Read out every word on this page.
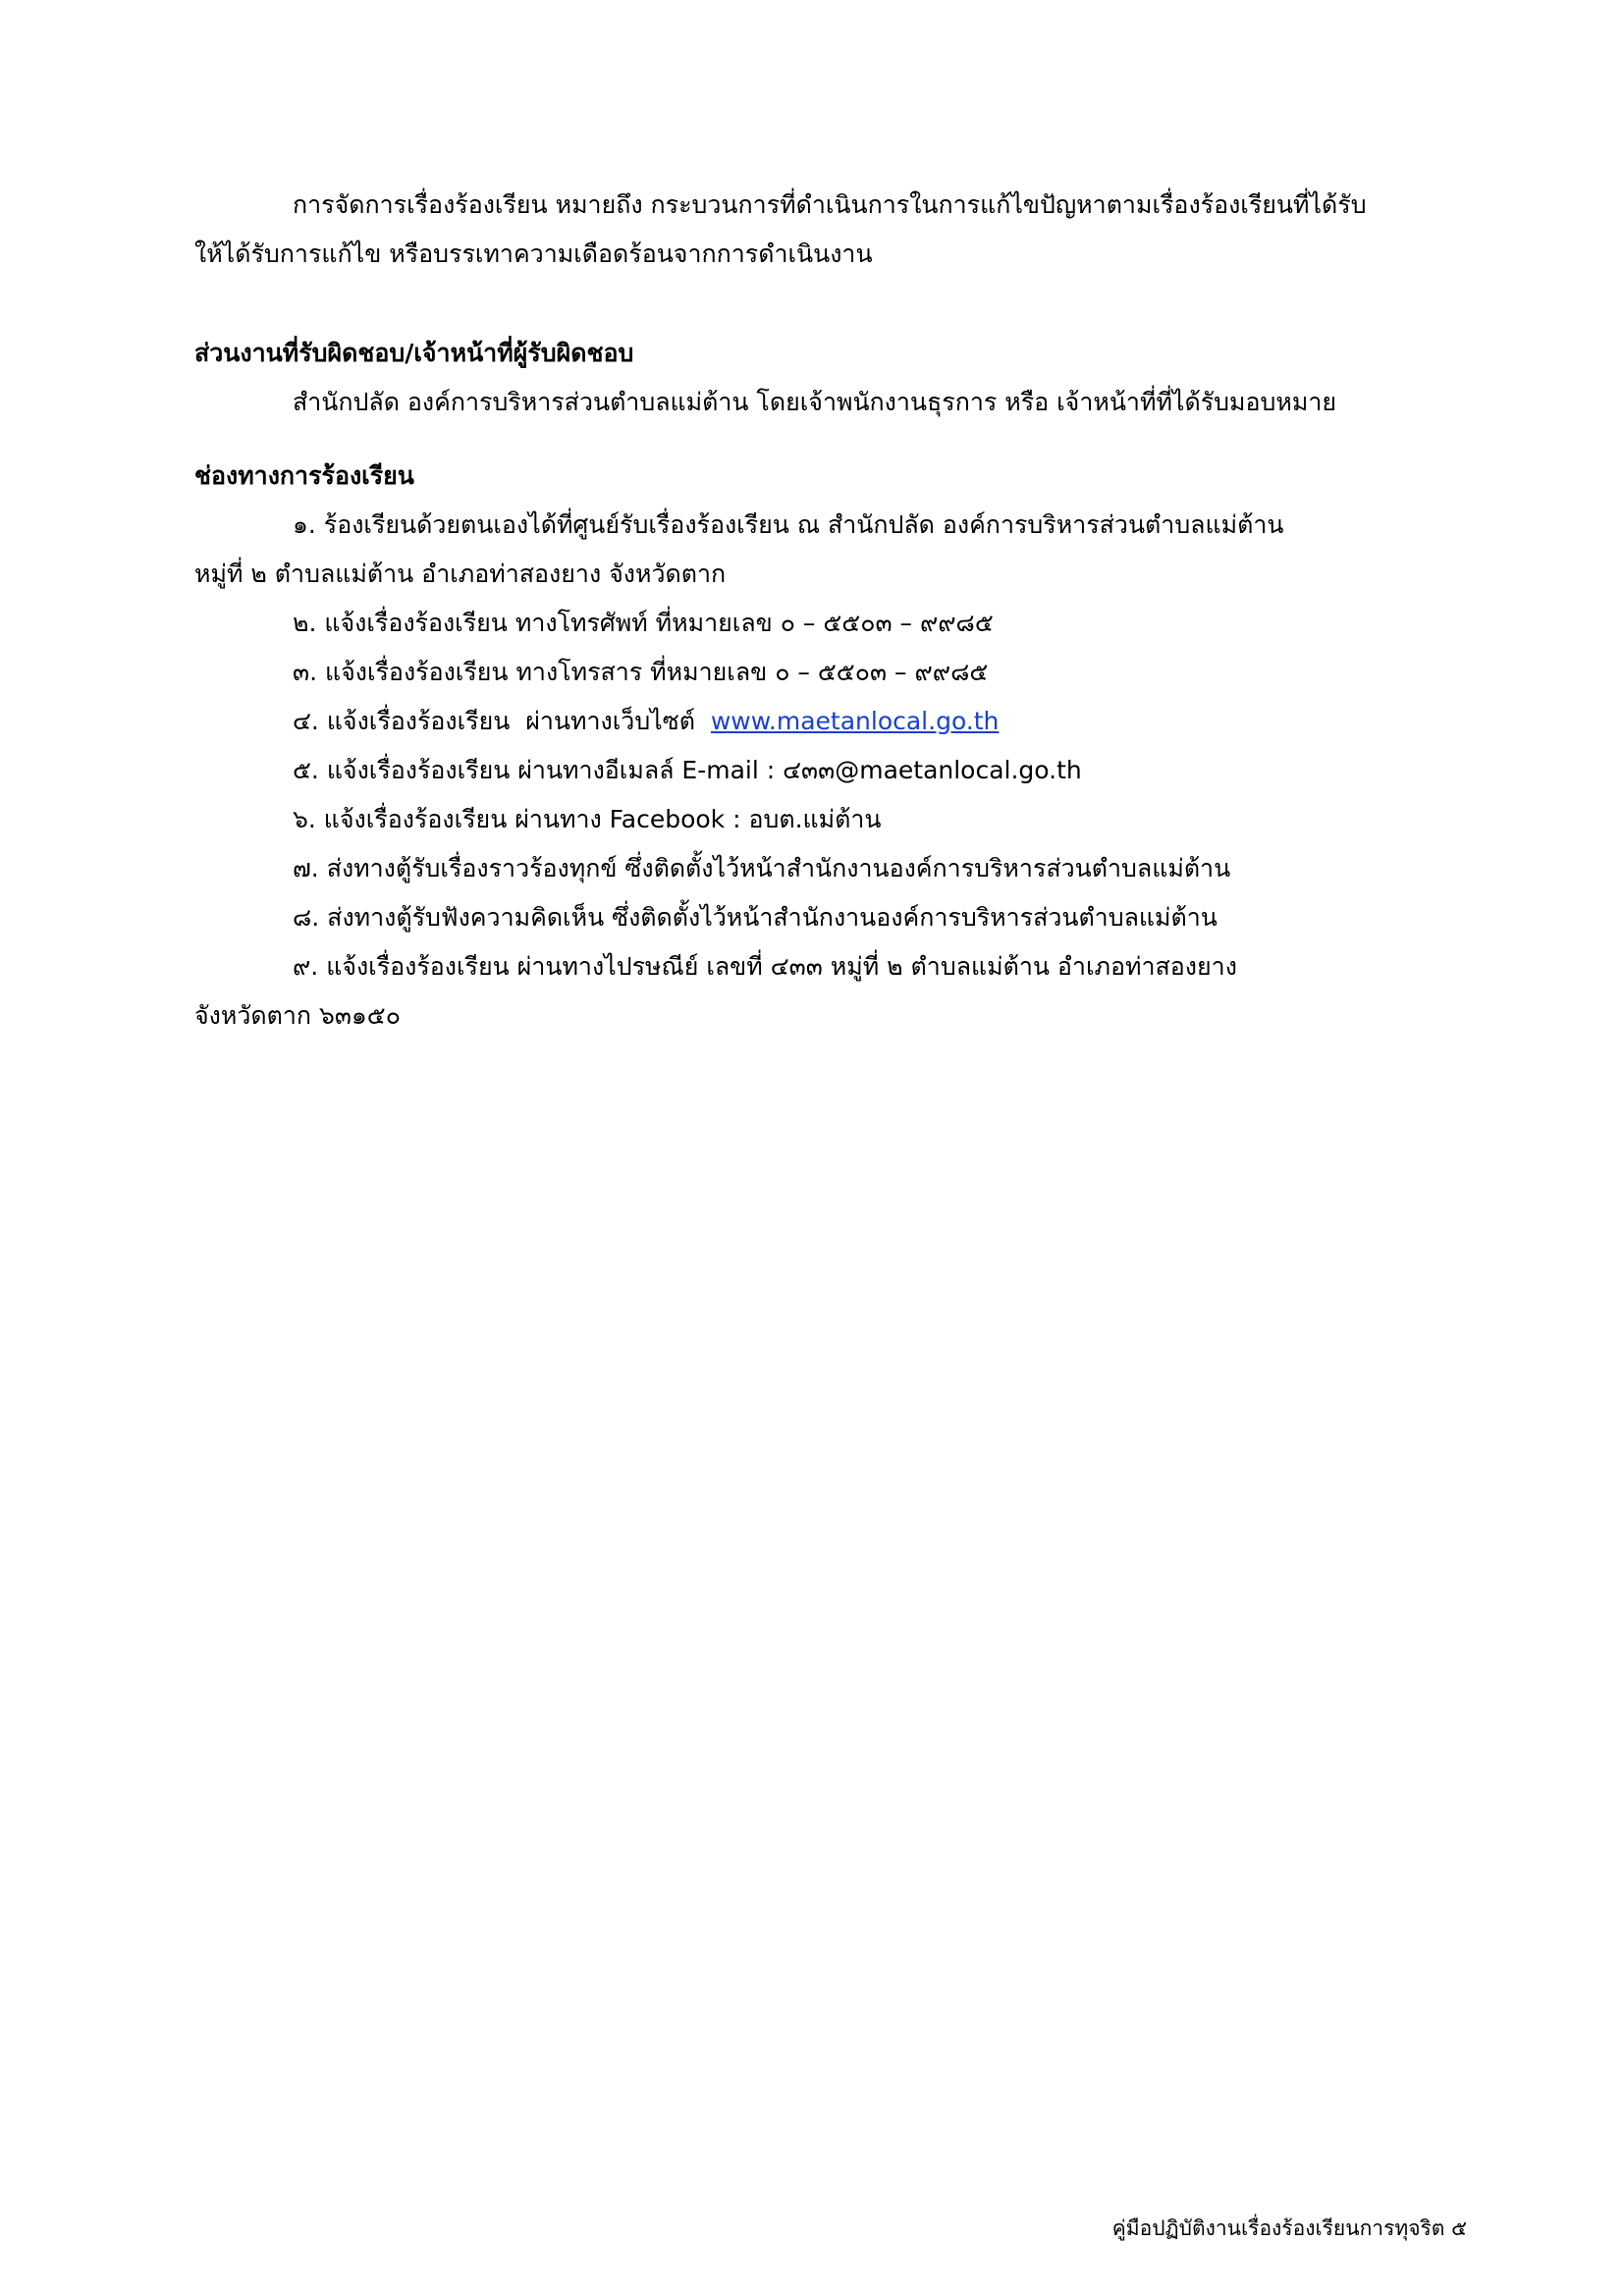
การจัดการเรื่องร้องเรียน หมายถึง กระบวนการที่ดำเนินการในการแก้ไขปัญหาตามเรื่องร้องเรียนที่ได้รับ
ให้ได้รับการแก้ไข หรือบรรเทาความเดือดร้อนจากการดำเนินงาน
ส่วนงานที่รับผิดชอบ/เจ้าหน้าที่ผู้รับผิดชอบ
สำนักปลัด องค์การบริหารส่วนตำบลแม่ต้าน โดยเจ้าพนักงานธุรการ หรือ เจ้าหน้าที่ที่ได้รับมอบหมาย
ช่องทางการร้องเรียน
๑. ร้องเรียนด้วยตนเองได้ที่ศูนย์รับเรื่องร้องเรียน ณ สำนักปลัด องค์การบริหารส่วนตำบลแม่ต้าน
หมู่ที่ ๒ ตำบลแม่ต้าน อำเภอท่าสองยาง จังหวัดตาก
๒. แจ้งเรื่องร้องเรียน ทางโทรศัพท์ ที่หมายเลข ๐ – ๕๕๐๓ – ๙๙๘๕
๓. แจ้งเรื่องร้องเรียน ทางโทรสาร ที่หมายเลข ๐ – ๕๕๐๓ – ๙๙๘๕
๔. แจ้งเรื่องร้องเรียน  ผ่านทางเว็บไซต์  www.maetanlocal.go.th
๕. แจ้งเรื่องร้องเรียน ผ่านทางอีเมลล์ E-mail : ๔๓๓@maetanlocal.go.th
๖. แจ้งเรื่องร้องเรียน ผ่านทาง Facebook : อบต.แม่ต้าน
๗. ส่งทางตู้รับเรื่องราวร้องทุกข์ ซึ่งติดตั้งไว้หน้าสำนักงานองค์การบริหารส่วนตำบลแม่ต้าน
๘. ส่งทางตู้รับฟังความคิดเห็น ซึ่งติดตั้งไว้หน้าสำนักงานองค์การบริหารส่วนตำบลแม่ต้าน
๙. แจ้งเรื่องร้องเรียน ผ่านทางไปรษณีย์ เลขที่ ๔๓๓ หมู่ที่ ๒ ตำบลแม่ต้าน อำเภอท่าสองยาง
จังหวัดตาก ๖๓๑๕๐
คู่มือปฏิบัติงานเรื่องร้องเรียนการทุจริต ๕
